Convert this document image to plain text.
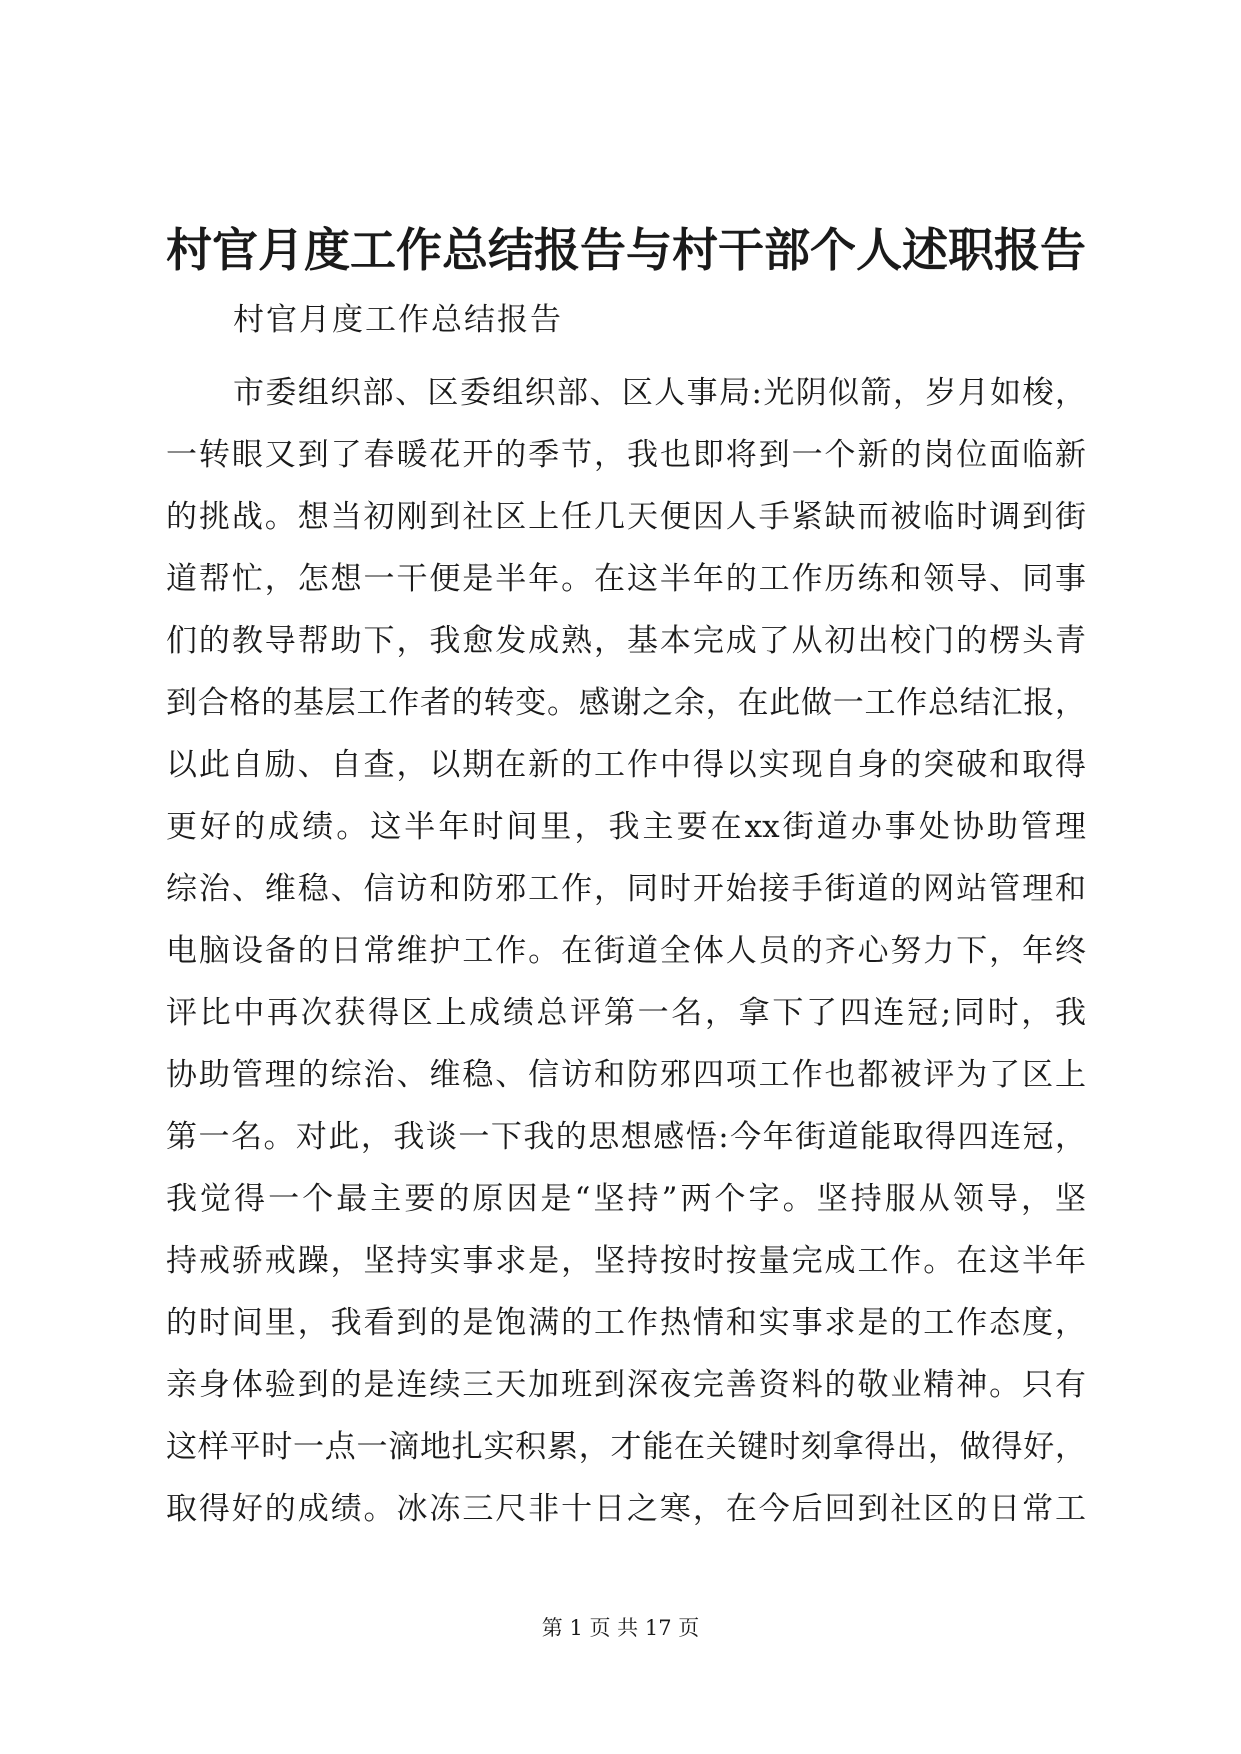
村官月度工作总结报告与村干部个人述职报告

村官月度工作总结报告

市委组织部、区委组织部、区人事局:光阴似箭，岁月如梭，
一转眼又到了春暖花开的季节，我也即将到一个新的岗位面临新
的挑战。想当初刚到社区上任几天便因人手紧缺而被临时调到街
道帮忙，怎想一干便是半年。在这半年的工作历练和领导、同事
们的教导帮助下，我愈发成熟，基本完成了从初出校门的楞头青
到合格的基层工作者的转变。感谢之余，在此做一工作总结汇报，
以此自励、自查，以期在新的工作中得以实现自身的突破和取得
更好的成绩。这半年时间里，我主要在xx街道办事处协助管理
综治、维稳、信访和防邪工作，同时开始接手街道的网站管理和
电脑设备的日常维护工作。在街道全体人员的齐心努力下，年终
评比中再次获得区上成绩总评第一名，拿下了四连冠;同时，我
协助管理的综治、维稳、信访和防邪四项工作也都被评为了区上
第一名。对此，我谈一下我的思想感悟:今年街道能取得四连冠，
我觉得一个最主要的原因是“坚持”两个字。坚持服从领导，坚
持戒骄戒躁，坚持实事求是，坚持按时按量完成工作。在这半年
的时间里，我看到的是饱满的工作热情和实事求是的工作态度，
亲身体验到的是连续三天加班到深夜完善资料的敬业精神。只有
这样平时一点一滴地扎实积累，才能在关键时刻拿得出，做得好，
取得好的成绩。冰冻三尺非十日之寒，在今后回到社区的日常工
第 1 页 共 17 页
